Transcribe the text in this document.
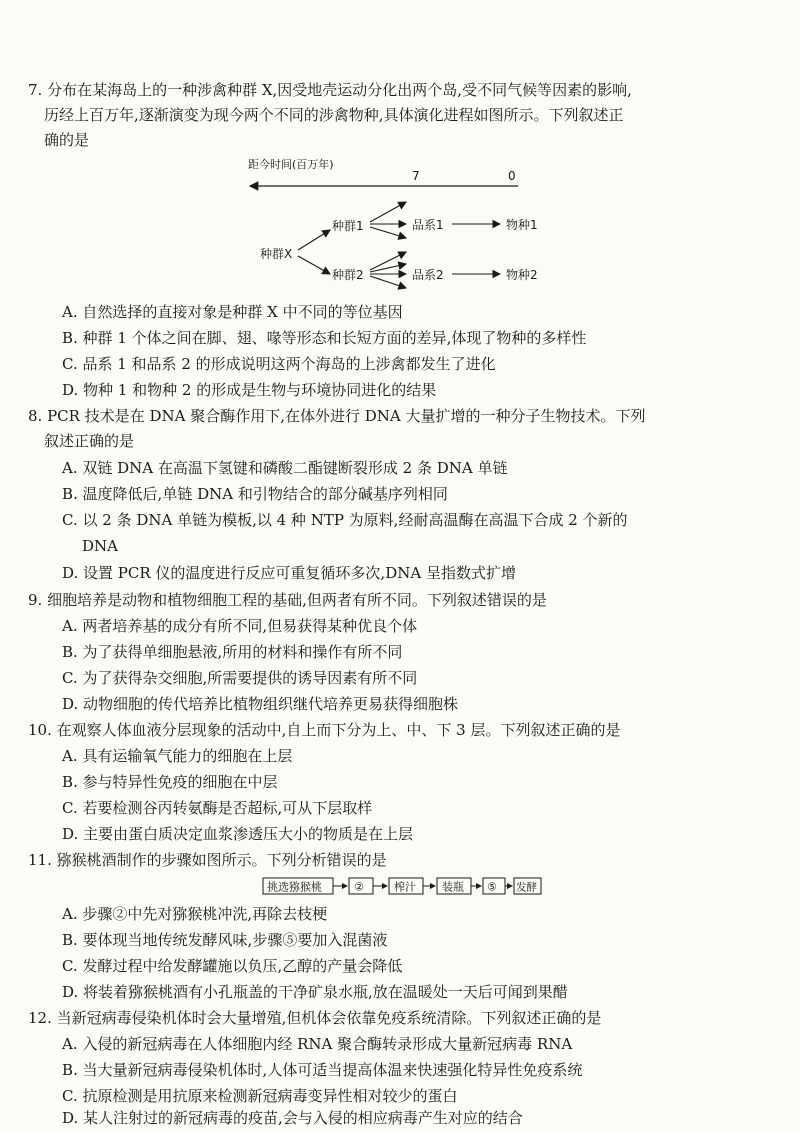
7. 分布在某海岛上的一种涉禽种群 X,因受地壳运动分化出两个岛,受不同气候等因素的影响,
历经上百万年,逐渐演变为现今两个不同的涉禽物种,具体演化进程如图所示。下列叙述正
确的是
距今时间(百万年)
7	0
种群X
种群1	品系1	物种1
种群2	品系2	物种2
A. 自然选择的直接对象是种群 X 中不同的等位基因
B. 种群 1 个体之间在脚、翅、喙等形态和长短方面的差异,体现了物种的多样性
C. 品系 1 和品系 2 的形成说明这两个海岛的上涉禽都发生了进化
D. 物种 1 和物种 2 的形成是生物与环境协同进化的结果
8. PCR 技术是在 DNA 聚合酶作用下,在体外进行 DNA 大量扩增的一种分子生物技术。下列
叙述正确的是
A. 双链 DNA 在高温下氢键和磷酸二酯键断裂形成 2 条 DNA 单链
B. 温度降低后,单链 DNA 和引物结合的部分碱基序列相同
C. 以 2 条 DNA 单链为模板,以 4 种 NTP 为原料,经耐高温酶在高温下合成 2 个新的
DNA
D. 设置 PCR 仪的温度进行反应可重复循环多次,DNA 呈指数式扩增
9. 细胞培养是动物和植物细胞工程的基础,但两者有所不同。下列叙述错误的是
A. 两者培养基的成分有所不同,但易获得某种优良个体
B. 为了获得单细胞悬液,所用的材料和操作有所不同
C. 为了获得杂交细胞,所需要提供的诱导因素有所不同
D. 动物细胞的传代培养比植物组织继代培养更易获得细胞株
10. 在观察人体血液分层现象的活动中,自上而下分为上、中、下 3 层。下列叙述正确的是
A. 具有运输氧气能力的细胞在上层
B. 参与特异性免疫的细胞在中层
C. 若要检测谷丙转氨酶是否超标,可从下层取样
D. 主要由蛋白质决定血浆渗透压大小的物质是在上层
11. 猕猴桃酒制作的步骤如图所示。下列分析错误的是
挑选猕猴桃	②	榨汁 装瓶 ⑤ 发酵
A. 步骤②中先对猕猴桃冲洗,再除去枝梗
B. 要体现当地传统发酵风味,步骤⑤要加入混菌液
C. 发酵过程中给发酵罐施以负压,乙醇的产量会降低
D. 将装着猕猴桃酒有小孔瓶盖的干净矿泉水瓶,放在温暖处一天后可闻到果醋
12. 当新冠病毒侵染机体时会大量增殖,但机体会依靠免疫系统清除。下列叙述正确的是
A. 入侵的新冠病毒在人体细胞内经 RNA 聚合酶转录形成大量新冠病毒 RNA
B. 当大量新冠病毒侵染机体时,人体可适当提高体温来快速强化特异性免疫系统
C. 抗原检测是用抗原来检测新冠病毒变异性相对较少的蛋白
D. 某人注射过的新冠病毒的疫苗,会与入侵的相应病毒产生对应的结合
